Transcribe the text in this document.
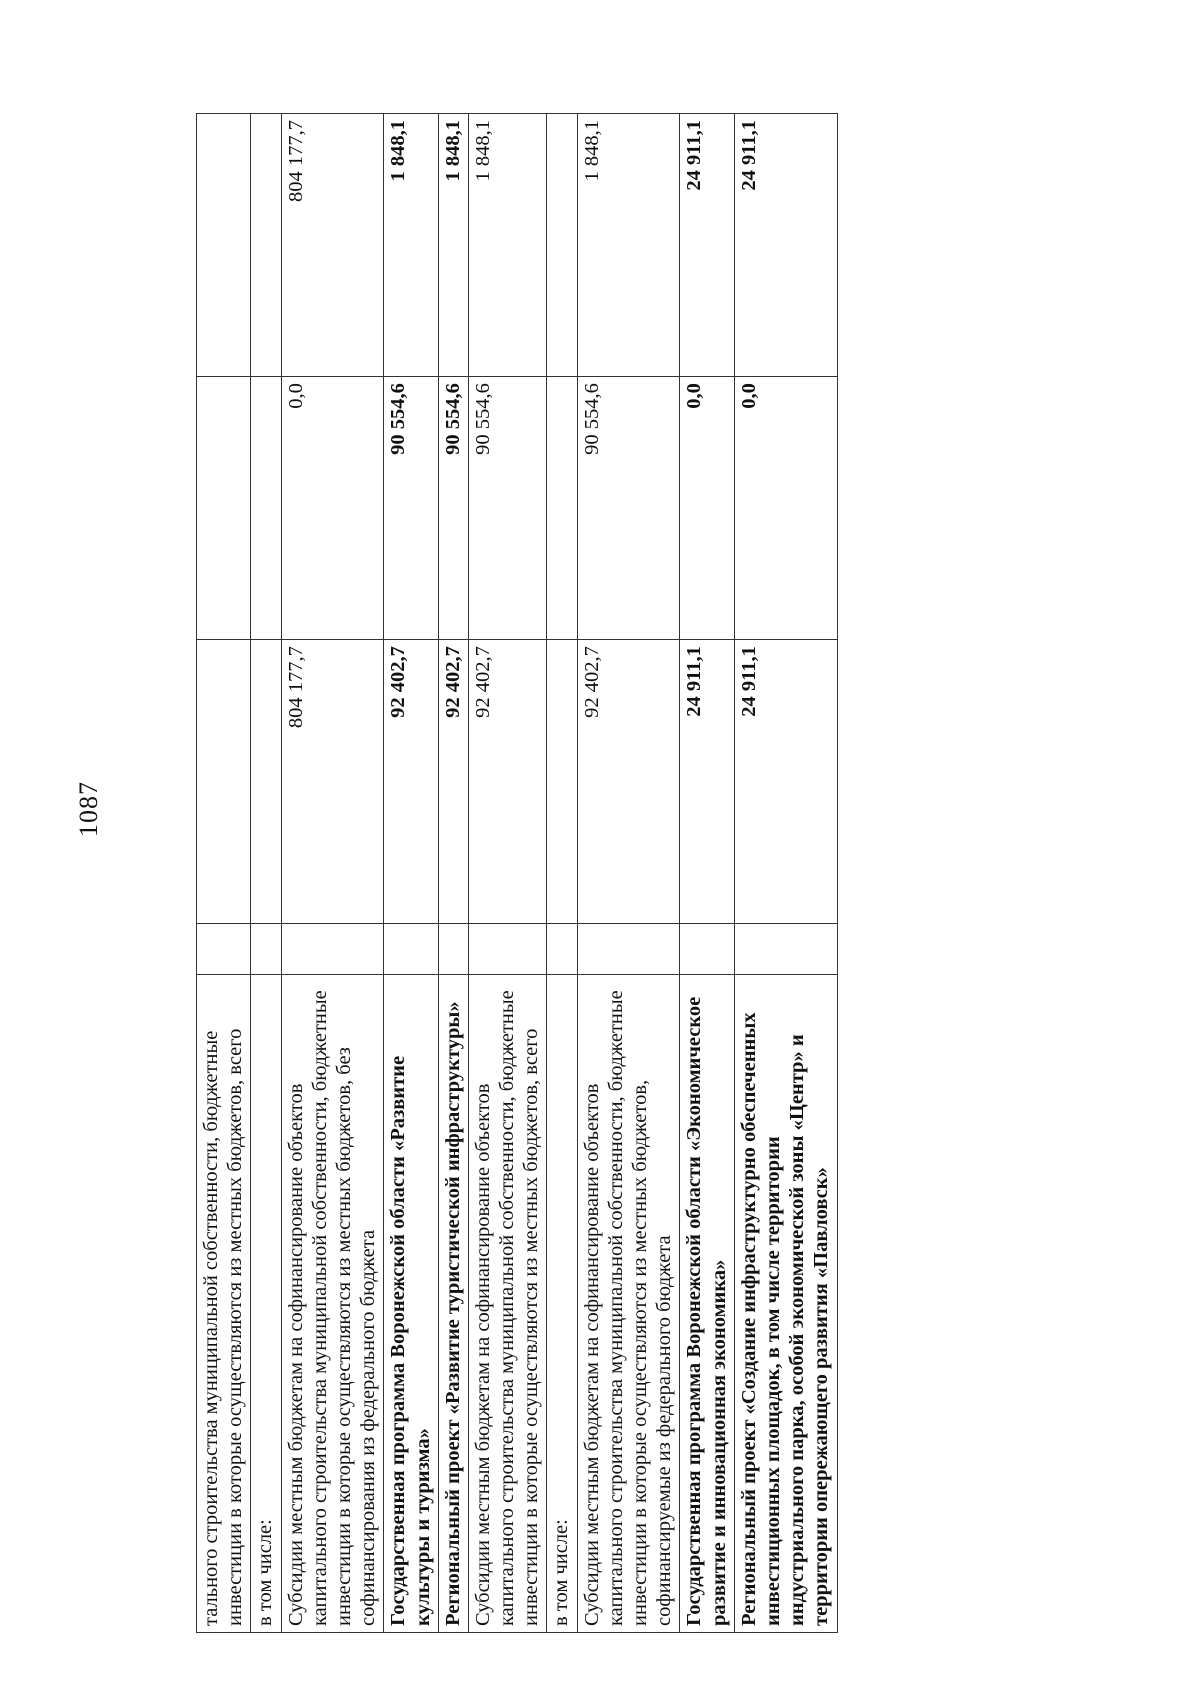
1087
тального строительства муниципальной собственности, бюджетные инвестиции в которые осуществляются из местных бюджетов, всего				
в том числе:				
Субсидии местным бюджетам на софинансирование объектов капитального строительства муниципальной собственности, бюджетные инвестиции в которые осуществляются из местных бюджетов, без софинансирования из федерального бюджета		804 177,7	0,0	804 177,7
Государственная программа Воронежской области «Развитие культуры и туризма»		92 402,7	90 554,6	1 848,1
Региональный проект «Развитие туристической инфраструктуры»		92 402,7	90 554,6	1 848,1
Субсидии местным бюджетам на софинансирование объектов капитального строительства муниципальной собственности, бюджетные инвестиции в которые осуществляются из местных бюджетов, всего		92 402,7	90 554,6	1 848,1
в том числе:				
Субсидии местным бюджетам на софинансирование объектов капитального строительства муниципальной собственности, бюджетные инвестиции в которые осуществляются из местных бюджетов, софинансируемые из федерального бюджета		92 402,7	90 554,6	1 848,1
Государственная программа Воронежской области «Экономическое развитие и инновационная экономика»		24 911,1	0,0	24 911,1
Региональный проект «Создание инфраструктурно обеспеченных инвестиционных площадок, в том числе территории индустриального парка, особой экономической зоны «Центр» и территории опережающего развития «Павловск»		24 911,1	0,0	24 911,1
